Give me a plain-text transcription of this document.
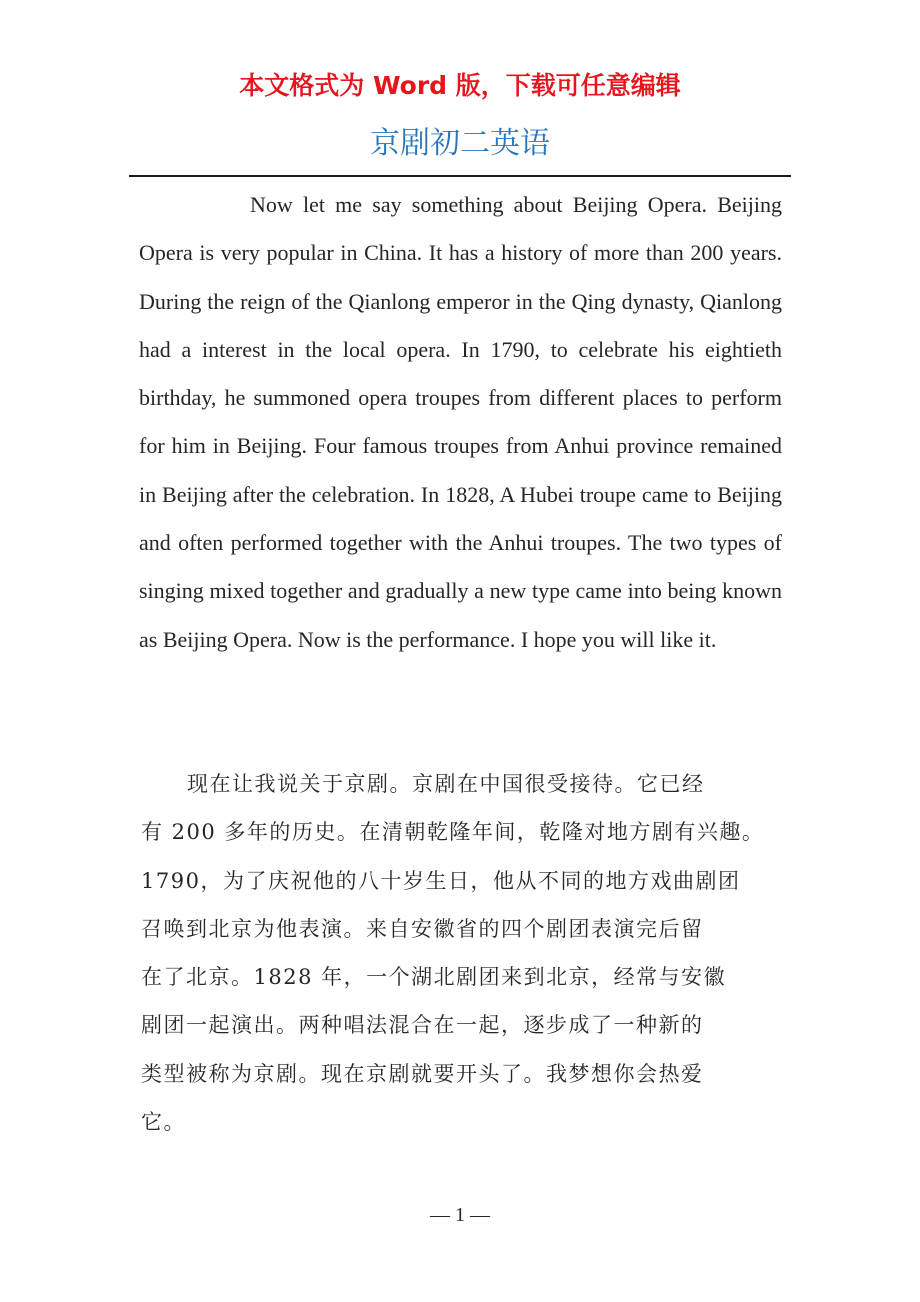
本文格式为 Word 版，下载可任意编辑

京剧初二英语

Now let me say something about Beijing Opera. Beijing Opera is very popular in China. It has a history of more than 200 years. During the reign of the Qianlong emperor in the Qing dynasty, Qianlong had a interest in the local opera. In 1790, to celebrate his eightieth birthday, he summoned opera troupes from different places to perform for him in Beijing. Four famous troupes from Anhui province remained in Beijing after the celebration. In 1828, A Hubei troupe came to Beijing and often performed together with the Anhui troupes. The two types of singing mixed together and gradually a new type came into being known as Beijing Opera. Now is the performance. I hope you will like it.

现在让我说关于京剧。京剧在中国很受接待。它已经
有 200 多年的历史。在清朝乾隆年间，乾隆对地方剧有兴趣。
1790，为了庆祝他的八十岁生日，他从不同的地方戏曲剧团
召唤到北京为他表演。来自安徽省的四个剧团表演完后留
在了北京。1828 年，一个湖北剧团来到北京，经常与安徽
剧团一起演出。两种唱法混合在一起，逐步成了一种新的
类型被称为京剧。现在京剧就要开头了。我梦想你会热爱
它。

— 1 —
